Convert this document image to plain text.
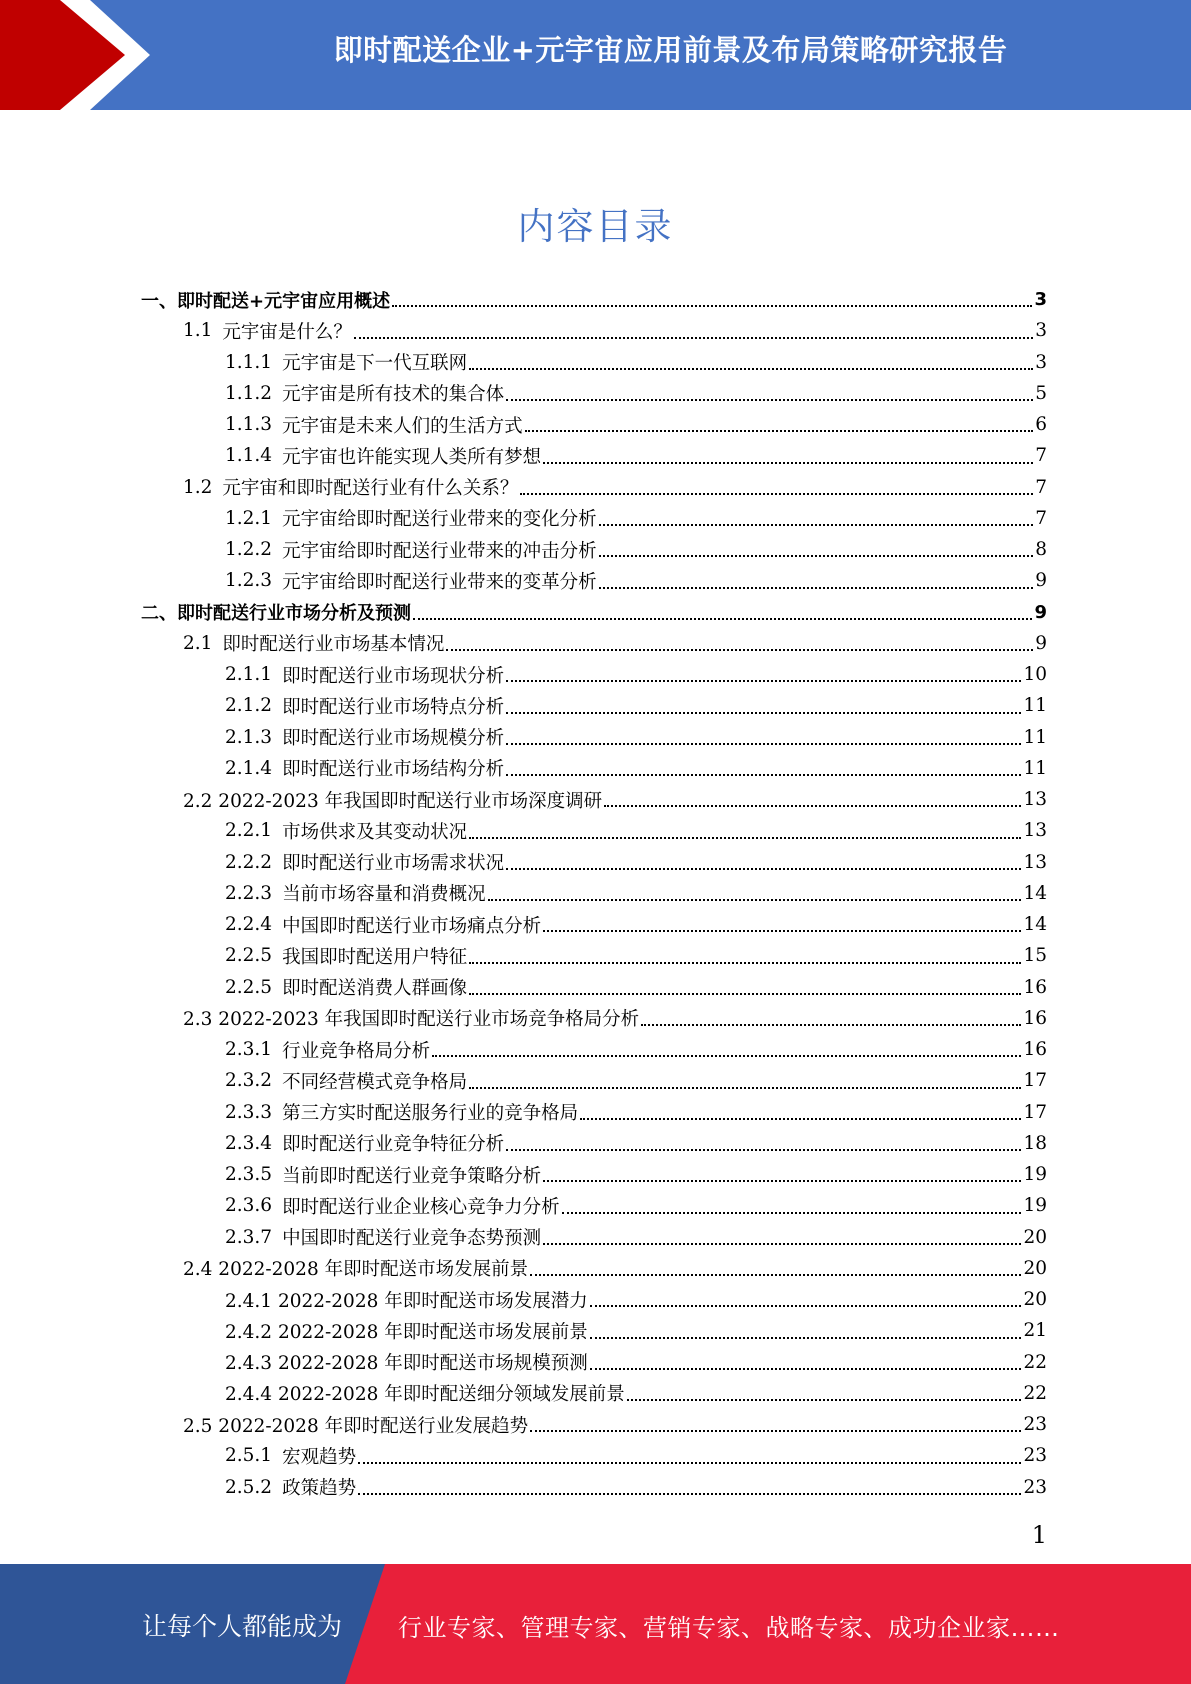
即时配送企业+元宇宙应用前景及布局策略研究报告
内容目录
一、即时配送+元宇宙应用概述	3
1.1 元宇宙是什么？	3
1.1.1 元宇宙是下一代互联网	3
1.1.2 元宇宙是所有技术的集合体	5
1.1.3 元宇宙是未来人们的生活方式	6
1.1.4 元宇宙也许能实现人类所有梦想	7
1.2 元宇宙和即时配送行业有什么关系？	7
1.2.1 元宇宙给即时配送行业带来的变化分析	7
1.2.2 元宇宙给即时配送行业带来的冲击分析	8
1.2.3 元宇宙给即时配送行业带来的变革分析	9
二、即时配送行业市场分析及预测	9
2.1 即时配送行业市场基本情况	9
2.1.1 即时配送行业市场现状分析	10
2.1.2 即时配送行业市场特点分析	11
2.1.3 即时配送行业市场规模分析	11
2.1.4 即时配送行业市场结构分析	11
2.2 2022-2023 年我国即时配送行业市场深度调研	13
2.2.1 市场供求及其变动状况	13
2.2.2 即时配送行业市场需求状况	13
2.2.3 当前市场容量和消费概况	14
2.2.4 中国即时配送行业市场痛点分析	14
2.2.5 我国即时配送用户特征	15
2.2.5 即时配送消费人群画像	16
2.3 2022-2023 年我国即时配送行业市场竞争格局分析	16
2.3.1 行业竞争格局分析	16
2.3.2 不同经营模式竞争格局	17
2.3.3 第三方实时配送服务行业的竞争格局	17
2.3.4 即时配送行业竞争特征分析	18
2.3.5 当前即时配送行业竞争策略分析	19
2.3.6 即时配送行业企业核心竞争力分析	19
2.3.7 中国即时配送行业竞争态势预测	20
2.4 2022-2028 年即时配送市场发展前景	20
2.4.1 2022-2028 年即时配送市场发展潜力	20
2.4.2 2022-2028 年即时配送市场发展前景	21
2.4.3 2022-2028 年即时配送市场规模预测	22
2.4.4 2022-2028 年即时配送细分领域发展前景	22
2.5 2022-2028 年即时配送行业发展趋势	23
2.5.1 宏观趋势	23
2.5.2 政策趋势	23
1
让每个人都能成为 行业专家、管理专家、营销专家、战略专家、成功企业家……
